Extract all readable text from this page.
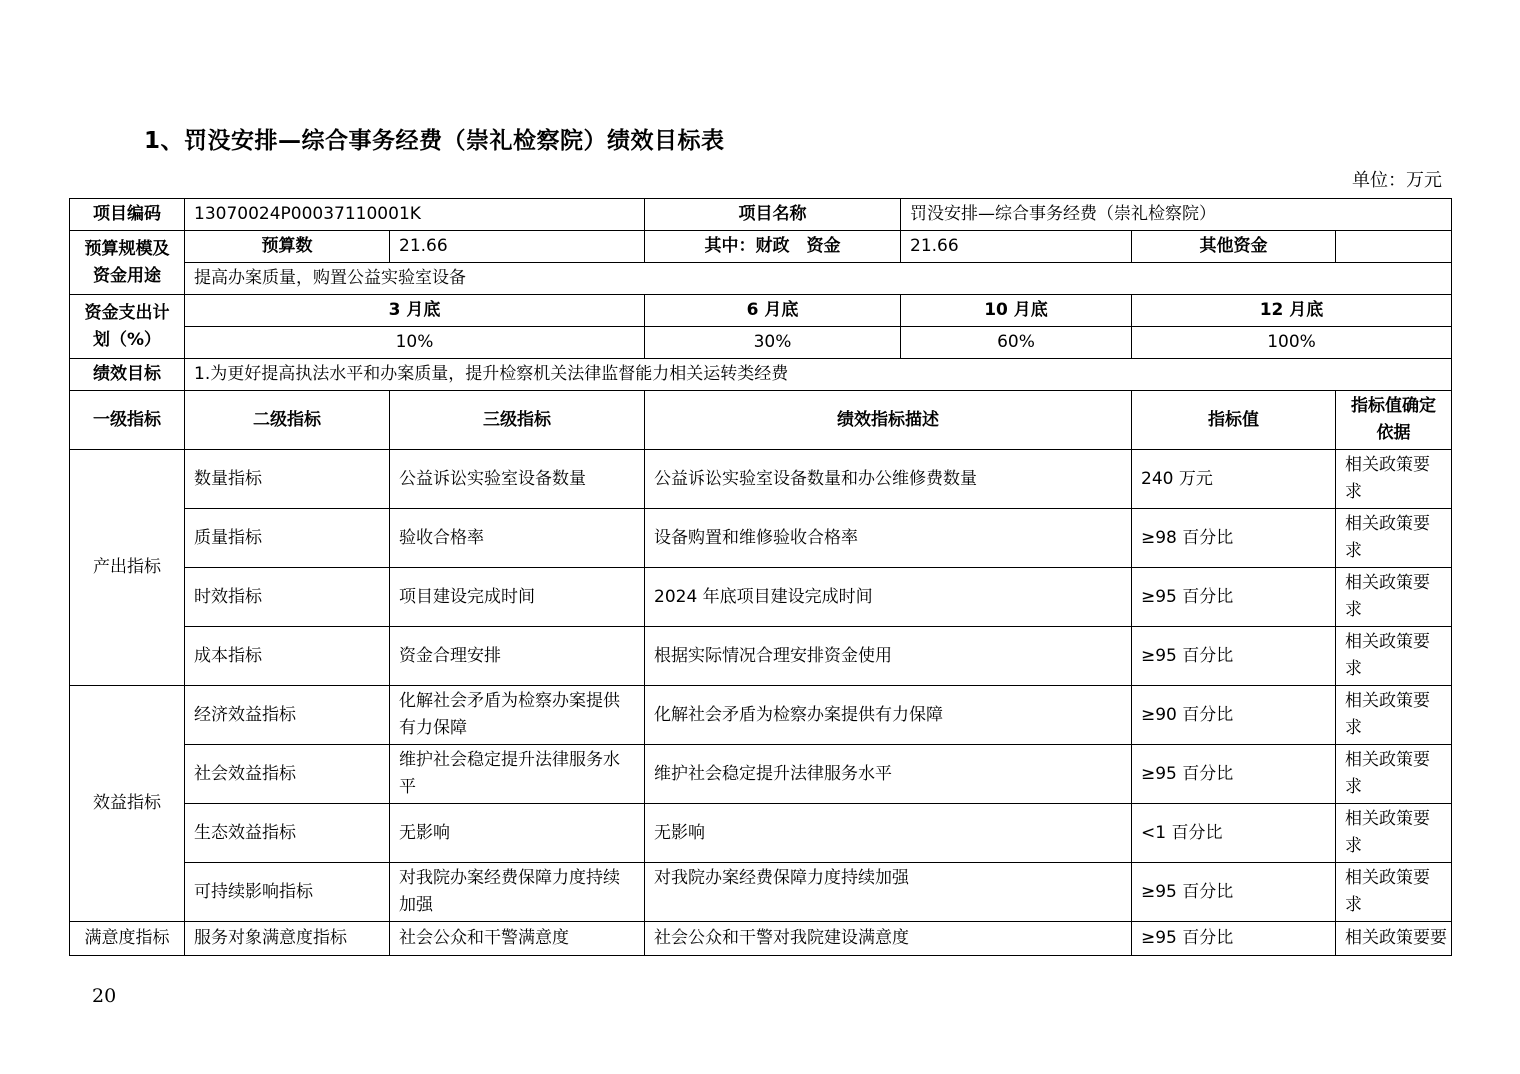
1、罚没安排—综合事务经费（崇礼检察院）绩效目标表
单位：万元
项目编码	13070024P00037110001K		项目名称	罚没安排—综合事务经费（崇礼检察院）		
预算规模及资金用途	预算数	21.66	其中：财政　资金	21.66	其他资金	
	提高办案质量，购置公益实验室设备					
资金支出计划（%）	3 月底		6 月底	10 月底	12 月底	
	10%		30%	60%	100%	
绩效目标	1.为更好提高执法水平和办案质量，提升检察机关法律监督能力相关运转类经费					
一级指标	二级指标	三级指标	绩效指标描述		指标值	指标值确定依据
产出指标	数量指标	公益诉讼实验室设备数量	公益诉讼实验室设备数量和办公维修费数量		240 万元	相关政策要求
	质量指标	验收合格率	设备购置和维修验收合格率		≥98 百分比	相关政策要求
	时效指标	项目建设完成时间	2024 年底项目建设完成时间		≥95 百分比	相关政策要求
	成本指标	资金合理安排	根据实际情况合理安排资金使用		≥95 百分比	相关政策要求
效益指标	经济效益指标	化解社会矛盾为检察办案提供有力保障	化解社会矛盾为检察办案提供有力保障		≥90 百分比	相关政策要求
	社会效益指标	维护社会稳定提升法律服务水平	维护社会稳定提升法律服务水平		≥95 百分比	相关政策要求
	生态效益指标	无影响	无影响		<1 百分比	相关政策要求
	可持续影响指标	对我院办案经费保障力度持续加强	对我院办案经费保障力度持续加强		≥95 百分比	相关政策要求
满意度指标	服务对象满意度指标	社会公众和干警满意度	社会公众和干警对我院建设满意度		≥95 百分比	相关政策要要
20
